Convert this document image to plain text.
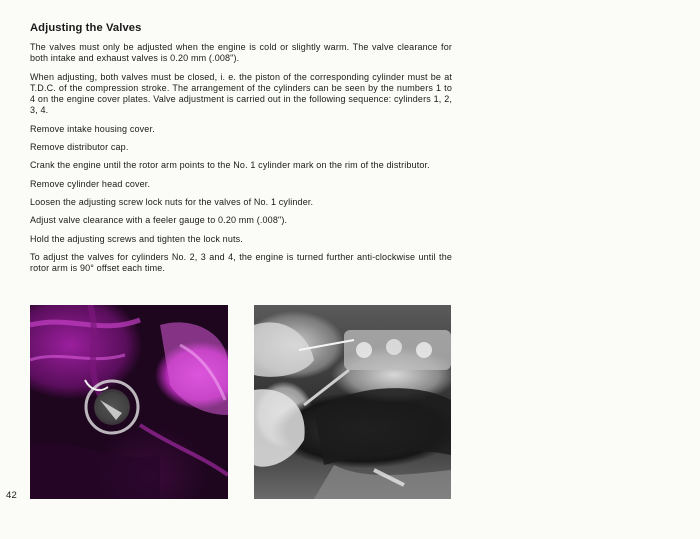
Adjusting the Valves

The valves must only be adjusted when the engine is cold or slightly warm. The valve clearance for both intake and exhaust valves is 0.20 mm (.008").

When adjusting, both valves must be closed, i. e. the piston of the corresponding cylinder must be at T.D.C. of the compression stroke. The arrangement of the cylinders can be seen by the numbers 1 to 4 on the engine cover plates. Valve adjustment is carried out in the following sequence: cylinders 1, 2, 3, 4.

Remove intake housing cover.

Remove distributor cap.

Crank the engine until the rotor arm points to the No. 1 cylinder mark on the rim of the distributor.

Remove cylinder head cover.

Loosen the adjusting screw lock nuts for the valves of No. 1 cylinder.

Adjust valve clearance with a feeler gauge to 0.20 mm (.008").

Hold the adjusting screws and tighten the lock nuts.

To adjust the valves for cylinders No. 2, 3 and 4, the engine is turned further anti-clockwise until the rotor arm is 90° offset each time.

42
